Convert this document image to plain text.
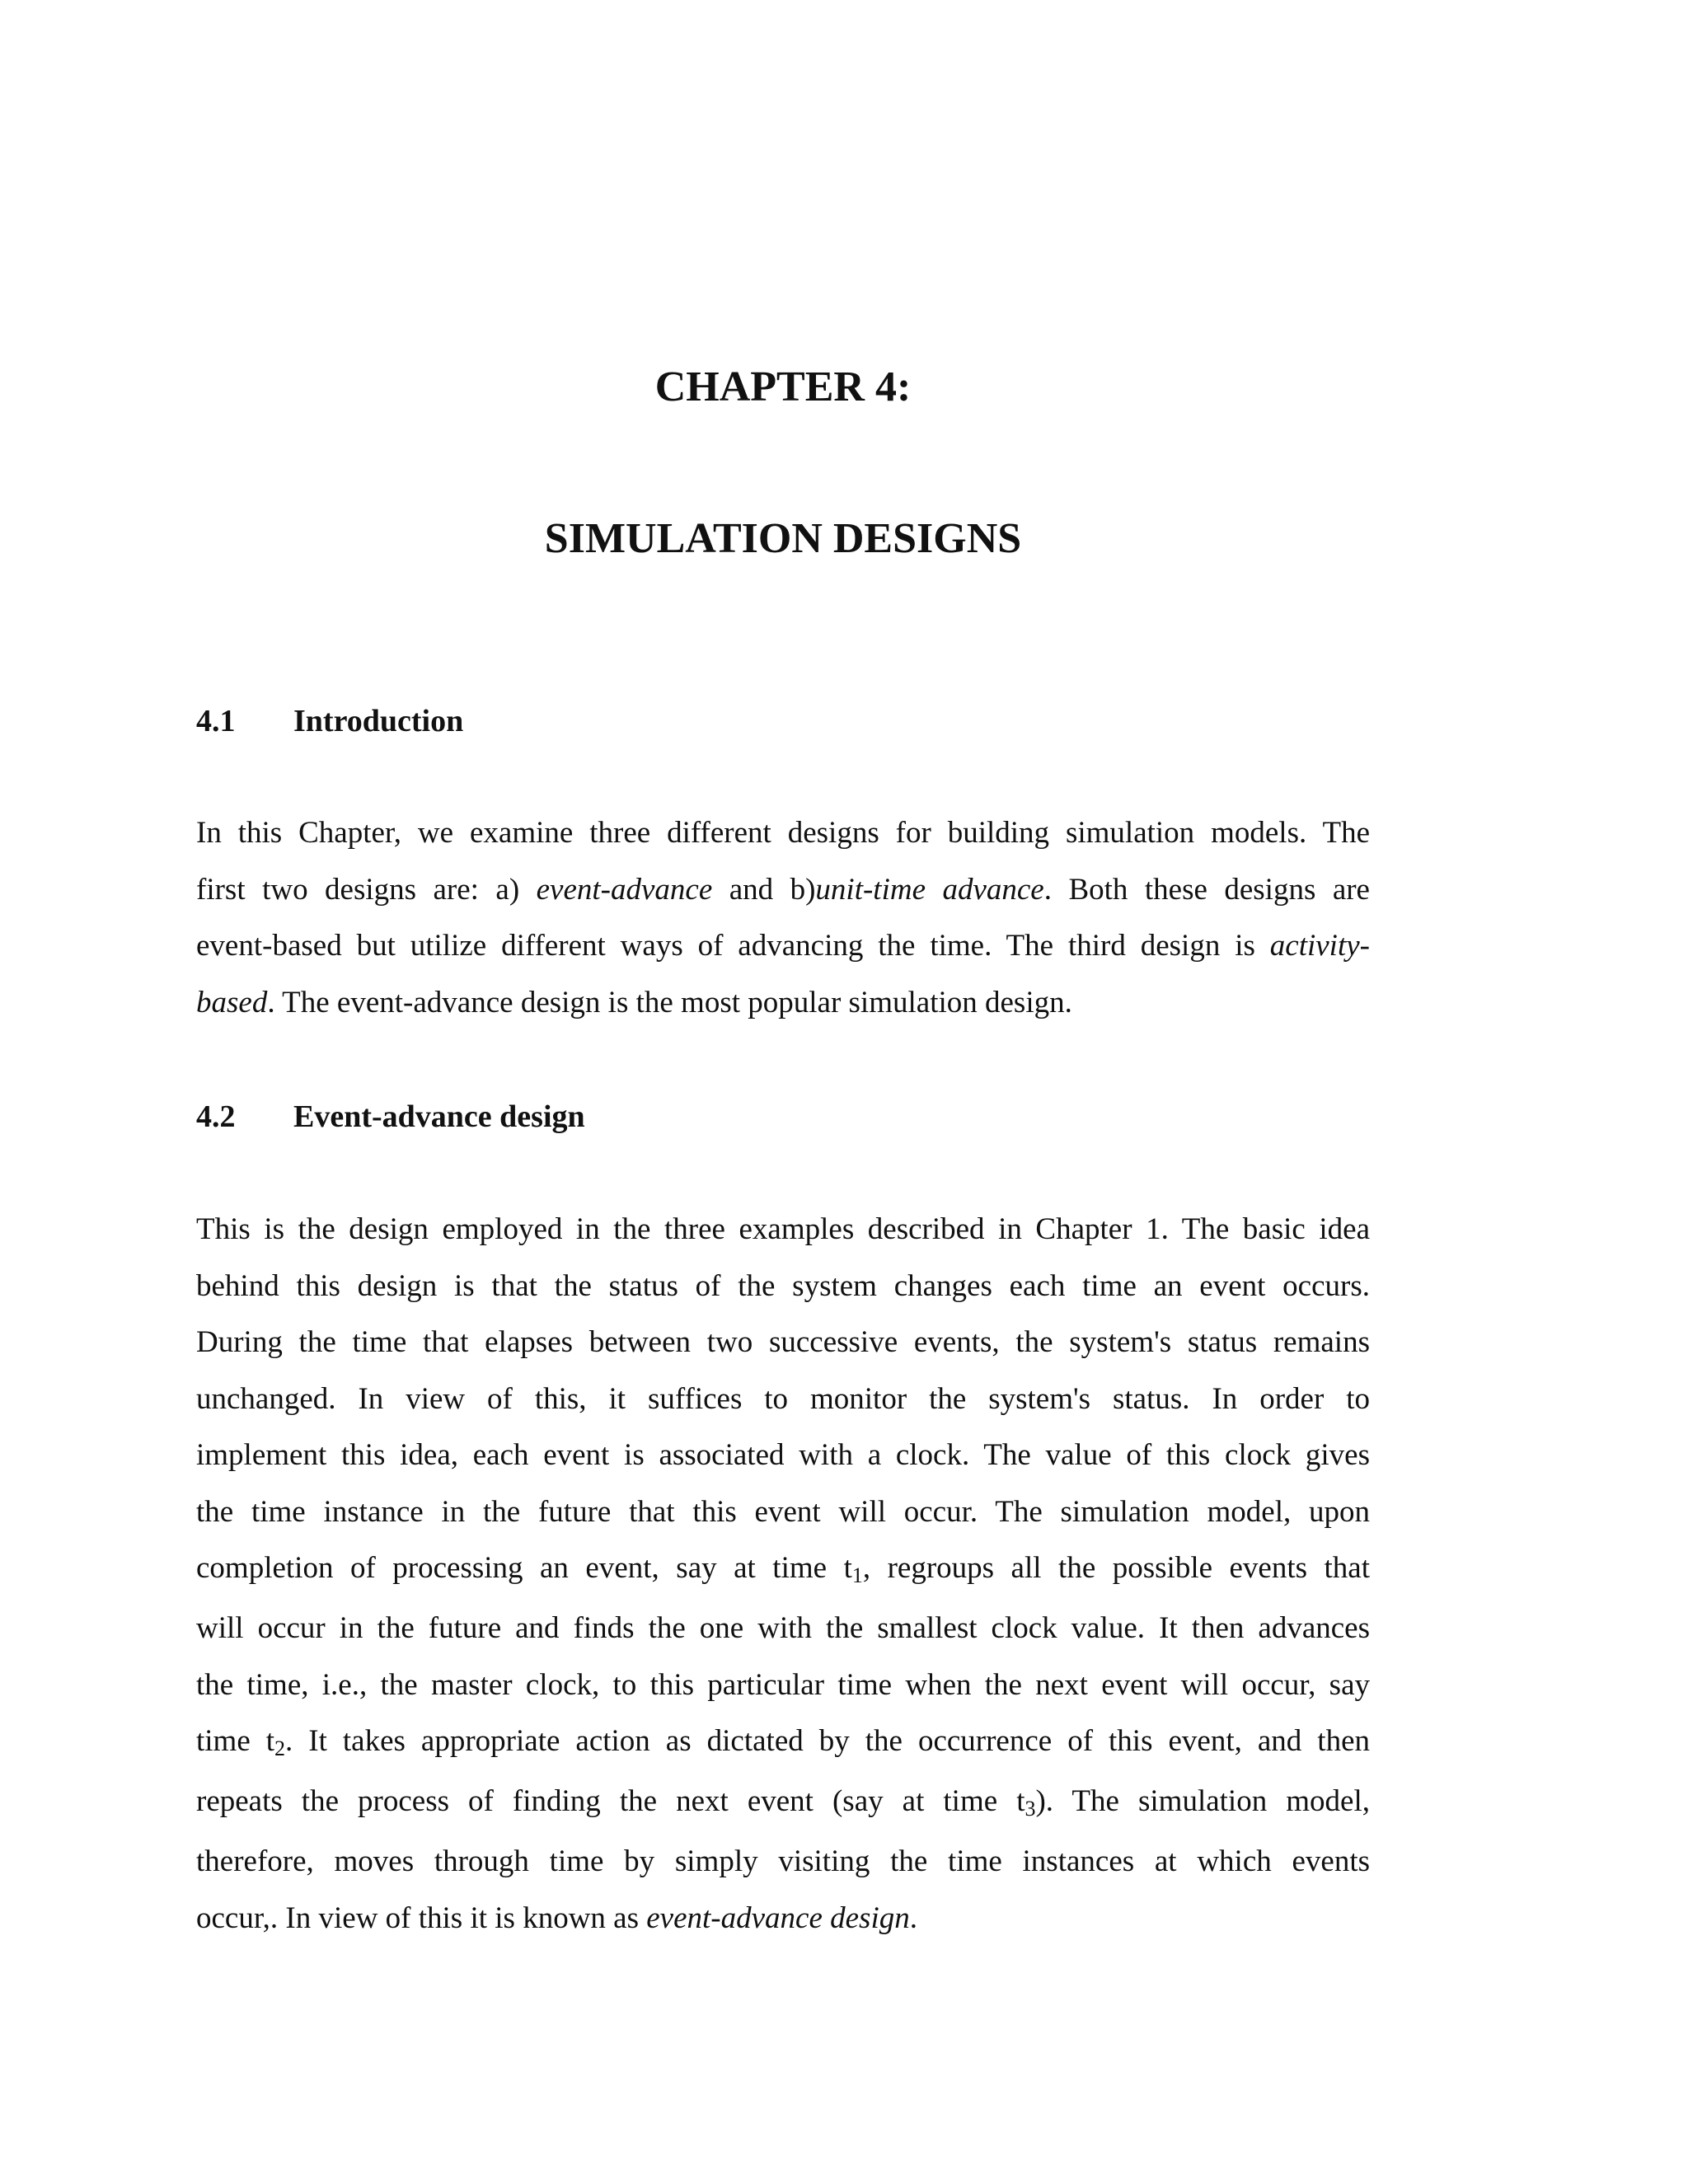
CHAPTER 4:
SIMULATION DESIGNS
4.1 Introduction
In this Chapter, we examine three different designs for building simulation models. The
first two designs are: a) event-advance and b)unit-time advance. Both these designs are
event-based but utilize different ways of advancing the time. The third design is activity-
based. The event-advance design is the most popular simulation design.
4.2 Event-advance design
This is the design employed in the three examples described in Chapter 1. The basic idea
behind this design is that the status of the system changes each time an event occurs.
During the time that elapses between two successive events, the system's status remains
unchanged. In view of this, it suffices to monitor the system's status. In order to
implement this idea, each event is associated with a clock. The value of this clock gives
the time instance in the future that this event will occur. The simulation model, upon
completion of processing an event, say at time $t_1$, regroups all the possible events that
will occur in the future and finds the one with the smallest clock value. It then advances
the time, i.e., the master clock, to this particular time when the next event will occur, say
time $t_2$. It takes appropriate action as dictated by the occurrence of this event, and then
repeats the process of finding the next event (say at time $t_3$). The simulation model,
therefore, moves through time by simply visiting the time instances at which events
occur,. In view of this it is known as event-advance design.
